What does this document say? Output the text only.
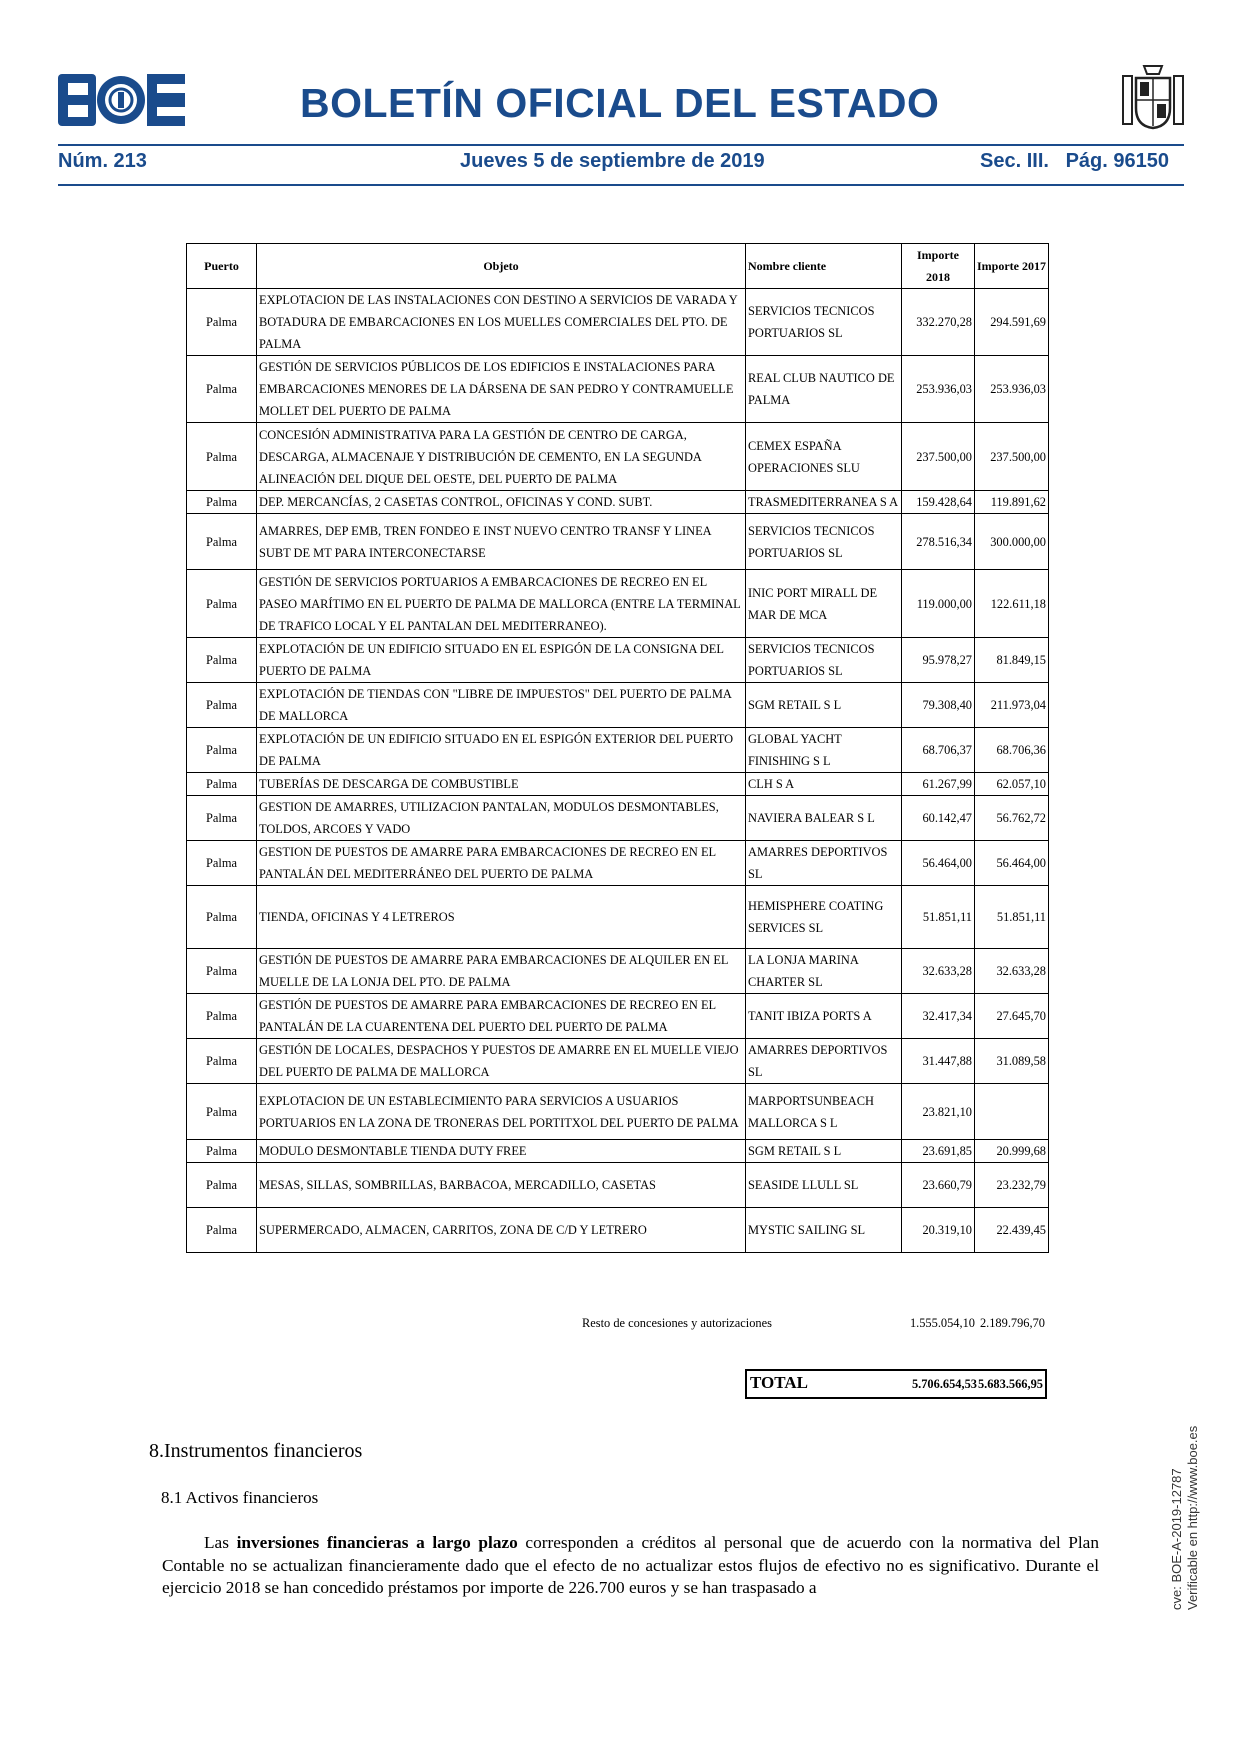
BOLETÍN OFICIAL DEL ESTADO
Núm. 213	Jueves 5 de septiembre de 2019	Sec. III.   Pág. 96150
Puerto	Objeto	Nombre cliente	Importe 2018	Importe 2017
Palma	EXPLOTACION DE LAS INSTALACIONES CON DESTINO A SERVICIOS DE VARADA Y BOTADURA DE EMBARCACIONES EN LOS MUELLES COMERCIALES DEL PTO. DE PALMA	SERVICIOS TECNICOS PORTUARIOS SL	332.270,28	294.591,69
Palma	GESTIÓN DE SERVICIOS PÚBLICOS DE LOS EDIFICIOS E INSTALACIONES PARA EMBARCACIONES MENORES DE LA DÁRSENA DE SAN PEDRO Y CONTRAMUELLE MOLLET DEL PUERTO DE PALMA	REAL CLUB NAUTICO DE PALMA	253.936,03	253.936,03
Palma	CONCESIÓN ADMINISTRATIVA PARA LA GESTIÓN DE CENTRO DE CARGA, DESCARGA, ALMACENAJE Y DISTRIBUCIÓN DE CEMENTO, EN LA SEGUNDA ALINEACIÓN DEL DIQUE DEL OESTE, DEL PUERTO DE PALMA	CEMEX ESPAÑA OPERACIONES SLU	237.500,00	237.500,00
Palma	DEP. MERCANCÍAS, 2 CASETAS CONTROL, OFICINAS Y COND. SUBT.	TRASMEDITERRANEA S A	159.428,64	119.891,62
Palma	AMARRES, DEP EMB, TREN FONDEO E INST NUEVO CENTRO TRANSF Y LINEA SUBT DE MT PARA INTERCONECTARSE	SERVICIOS TECNICOS PORTUARIOS SL	278.516,34	300.000,00
Palma	GESTIÓN DE SERVICIOS PORTUARIOS A EMBARCACIONES DE RECREO EN EL PASEO MARÍTIMO EN EL PUERTO DE PALMA DE MALLORCA (ENTRE LA TERMINAL DE TRAFICO LOCAL Y EL PANTALAN DEL MEDITERRANEO).	INIC PORT MIRALL DE MAR DE MCA	119.000,00	122.611,18
Palma	EXPLOTACIÓN DE UN EDIFICIO SITUADO EN EL ESPIGÓN DE LA CONSIGNA DEL PUERTO DE PALMA	SERVICIOS TECNICOS PORTUARIOS SL	95.978,27	81.849,15
Palma	EXPLOTACIÓN DE TIENDAS CON "LIBRE DE IMPUESTOS" DEL PUERTO DE PALMA DE MALLORCA	SGM RETAIL S L	79.308,40	211.973,04
Palma	EXPLOTACIÓN DE UN EDIFICIO SITUADO EN EL ESPIGÓN EXTERIOR DEL PUERTO DE PALMA	GLOBAL YACHT FINISHING S L	68.706,37	68.706,36
Palma	TUBERÍAS DE DESCARGA DE COMBUSTIBLE	CLH S A	61.267,99	62.057,10
Palma	GESTION DE AMARRES, UTILIZACION PANTALAN, MODULOS DESMONTABLES, TOLDOS, ARCOES Y VADO	NAVIERA BALEAR S L	60.142,47	56.762,72
Palma	GESTION DE PUESTOS DE AMARRE PARA EMBARCACIONES DE RECREO EN EL PANTALÁN DEL MEDITERRÁNEO DEL PUERTO DE PALMA	AMARRES DEPORTIVOS SL	56.464,00	56.464,00
Palma	TIENDA, OFICINAS Y 4 LETREROS	HEMISPHERE COATING SERVICES SL	51.851,11	51.851,11
Palma	GESTIÓN DE PUESTOS DE AMARRE PARA EMBARCACIONES DE ALQUILER EN EL MUELLE DE LA LONJA DEL PTO. DE PALMA	LA LONJA MARINA CHARTER SL	32.633,28	32.633,28
Palma	GESTIÓN DE PUESTOS DE AMARRE PARA EMBARCACIONES DE RECREO EN EL PANTALÁN DE LA CUARENTENA DEL PUERTO DEL PUERTO DE PALMA	TANIT IBIZA PORTS A	32.417,34	27.645,70
Palma	GESTIÓN DE LOCALES, DESPACHOS Y PUESTOS DE AMARRE EN EL MUELLE VIEJO DEL PUERTO DE PALMA DE MALLORCA	AMARRES DEPORTIVOS SL	31.447,88	31.089,58
Palma	EXPLOTACION DE UN ESTABLECIMIENTO PARA SERVICIOS A USUARIOS PORTUARIOS EN LA ZONA DE TRONERAS DEL PORTITXOL DEL PUERTO DE PALMA	MARPORTSUNBEACH MALLORCA S L	23.821,10	
Palma	MODULO DESMONTABLE TIENDA DUTY FREE	SGM RETAIL S L	23.691,85	20.999,68
Palma	MESAS, SILLAS, SOMBRILLAS, BARBACOA, MERCADILLO, CASETAS	SEASIDE LLULL SL	23.660,79	23.232,79
Palma	SUPERMERCADO, ALMACEN, CARRITOS, ZONA DE C/D Y LETRERO	MYSTIC SAILING SL	20.319,10	22.439,45
Resto de concesiones y autorizaciones	1.555.054,10 2.189.796,70
TOTAL	5.706.654,53 5.683.566,95
8.Instrumentos financieros
8.1 Activos financieros
Las inversiones financieras a largo plazo corresponden a créditos al personal que de acuerdo con la normativa del Plan Contable no se actualizan financieramente dado que el efecto de no actualizar estos flujos de efectivo no es significativo. Durante el ejercicio 2018 se han concedido préstamos por importe de 226.700 euros y se han traspasado a	cve: BOE-A-2019-12787 Verificable en http://www.boe.es
